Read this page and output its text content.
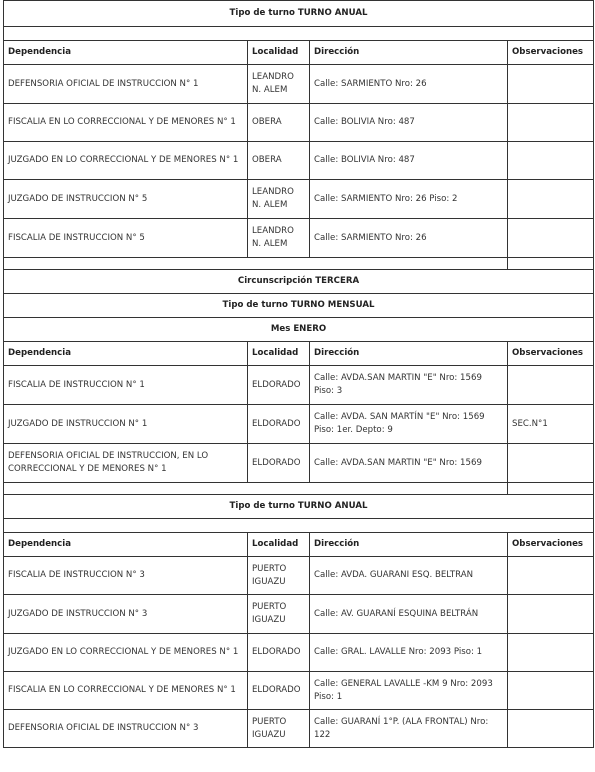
Tipo de turno TURNO ANUAL			

Dependencia	Localidad	Dirección	Observaciones
DEFENSORIA OFICIAL DE INSTRUCCION N° 1	LEANDRO N. ALEM	Calle: SARMIENTO Nro: 26	
FISCALIA EN LO CORRECCIONAL Y DE MENORES N° 1	OBERA	Calle: BOLIVIA Nro: 487	
JUZGADO EN LO CORRECCIONAL Y DE MENORES N° 1	OBERA	Calle: BOLIVIA Nro: 487	
JUZGADO DE INSTRUCCION N° 5	LEANDRO N. ALEM	Calle: SARMIENTO Nro: 26 Piso: 2	
FISCALIA DE INSTRUCCION N° 5	LEANDRO N. ALEM	Calle: SARMIENTO Nro: 26	

Circunscripción TERCERA			
Tipo de turno TURNO MENSUAL			
Mes ENERO			
Dependencia	Localidad	Dirección	Observaciones
FISCALIA DE INSTRUCCION N° 1	ELDORADO	Calle: AVDA.SAN MARTIN "E" Nro: 1569 Piso: 3	
JUZGADO DE INSTRUCCION N° 1	ELDORADO	Calle: AVDA. SAN MARTÍN "E" Nro: 1569 Piso: 1er. Depto: 9	SEC.N°1
DEFENSORIA OFICIAL DE INSTRUCCION, EN LO CORRECCIONAL Y DE MENORES N° 1	ELDORADO	Calle: AVDA.SAN MARTIN "E" Nro: 1569	

Tipo de turno TURNO ANUAL			

Dependencia	Localidad	Dirección	Observaciones
FISCALIA DE INSTRUCCION N° 3	PUERTO IGUAZU	Calle: AVDA. GUARANI ESQ. BELTRAN	
JUZGADO DE INSTRUCCION N° 3	PUERTO IGUAZU	Calle: AV. GUARANÍ ESQUINA BELTRÁN	
JUZGADO EN LO CORRECCIONAL Y DE MENORES N° 1	ELDORADO	Calle: GRAL. LAVALLE Nro: 2093 Piso: 1	
FISCALIA EN LO CORRECCIONAL Y DE MENORES N° 1	ELDORADO	Calle: GENERAL LAVALLE -KM 9 Nro: 2093 Piso: 1	
DEFENSORIA OFICIAL DE INSTRUCCION N° 3	PUERTO IGUAZU	Calle: GUARANÍ 1°P. (ALA FRONTAL) Nro: 122	
